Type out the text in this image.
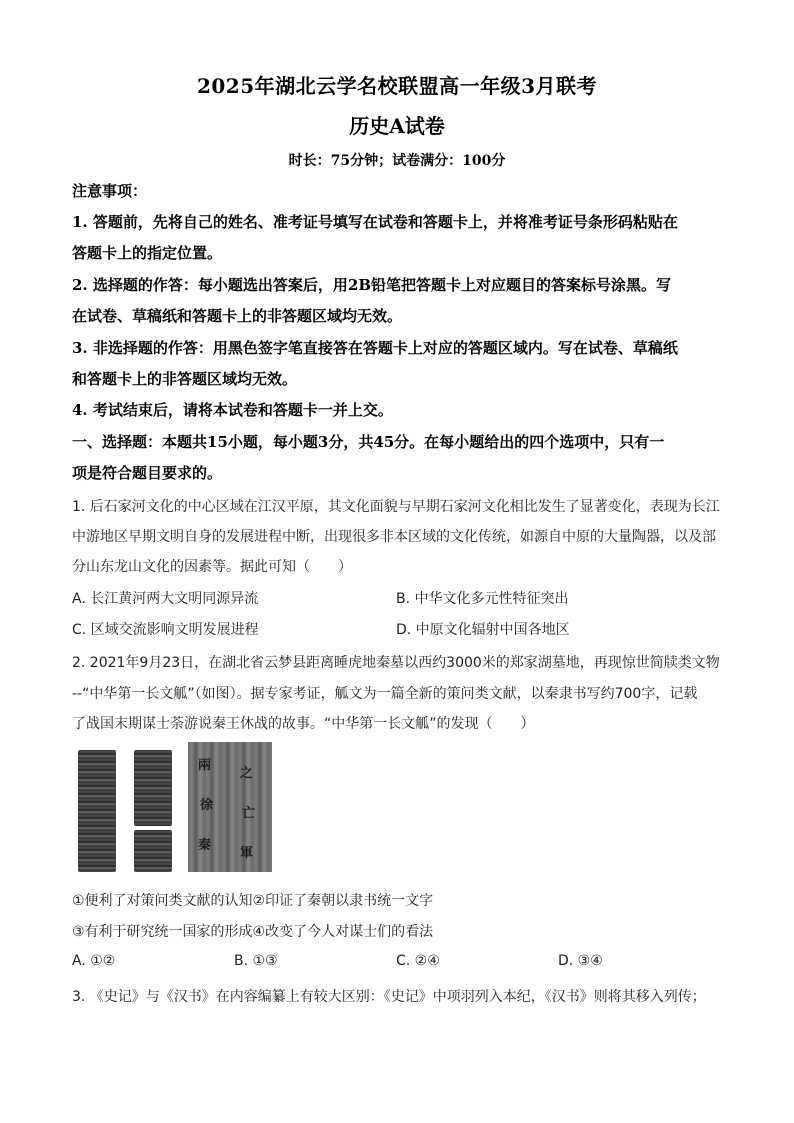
2025年湖北云学名校联盟高一年级3月联考
历史A试卷
时长：75分钟；试卷满分：100分
注意事项：
1. 答题前，先将自己的姓名、准考证号填写在试卷和答题卡上，并将准考证号条形码粘贴在
答题卡上的指定位置。
2. 选择题的作答：每小题选出答案后，用2B铅笔把答题卡上对应题目的答案标号涂黑。写
在试卷、草稿纸和答题卡上的非答题区域均无效。
3. 非选择题的作答：用黑色签字笔直接答在答题卡上对应的答题区域内。写在试卷、草稿纸
和答题卡上的非答题区域均无效。
4. 考试结束后，请将本试卷和答题卡一并上交。
一、选择题：本题共15小题，每小题3分，共45分。在每小题给出的四个选项中，只有一
项是符合题目要求的。
1. 后石家河文化的中心区域在江汉平原，其文化面貌与早期石家河文化相比发生了显著变化，表现为长江
中游地区早期文明自身的发展进程中断，出现很多非本区域的文化传统，如源自中原的大量陶器，以及部
分山东龙山文化的因素等。据此可知（　　）
A. 长江黄河两大文明同源异流	B. 中华文化多元性特征突出
C. 区域交流影响文明发展进程	D. 中原文化辐射中国各地区
2. 2021年9月23日，在湖北省云梦县距离睡虎地秦墓以西约3000米的郑家湖墓地，再现惊世简牍类文物
--“中华第一长文觚”（如图）。据专家考证，觚文为一篇全新的策问类文献，以秦隶书写约700字，记载
了战国末期谋士荼游说秦王休战的故事。“中华第一长文觚”的发现（　　）
兩
之
徐
亡
秦
軍
①便利了对策问类文献的认知②印证了秦朝以隶书统一文字
③有利于研究统一国家的形成④改变了今人对谋士们的看法
A. ①②	B. ①③	C. ②④	D. ③④
3. 《史记》与《汉书》在内容编纂上有较大区别：《史记》中项羽列入本纪，《汉书》则将其移入列传；
